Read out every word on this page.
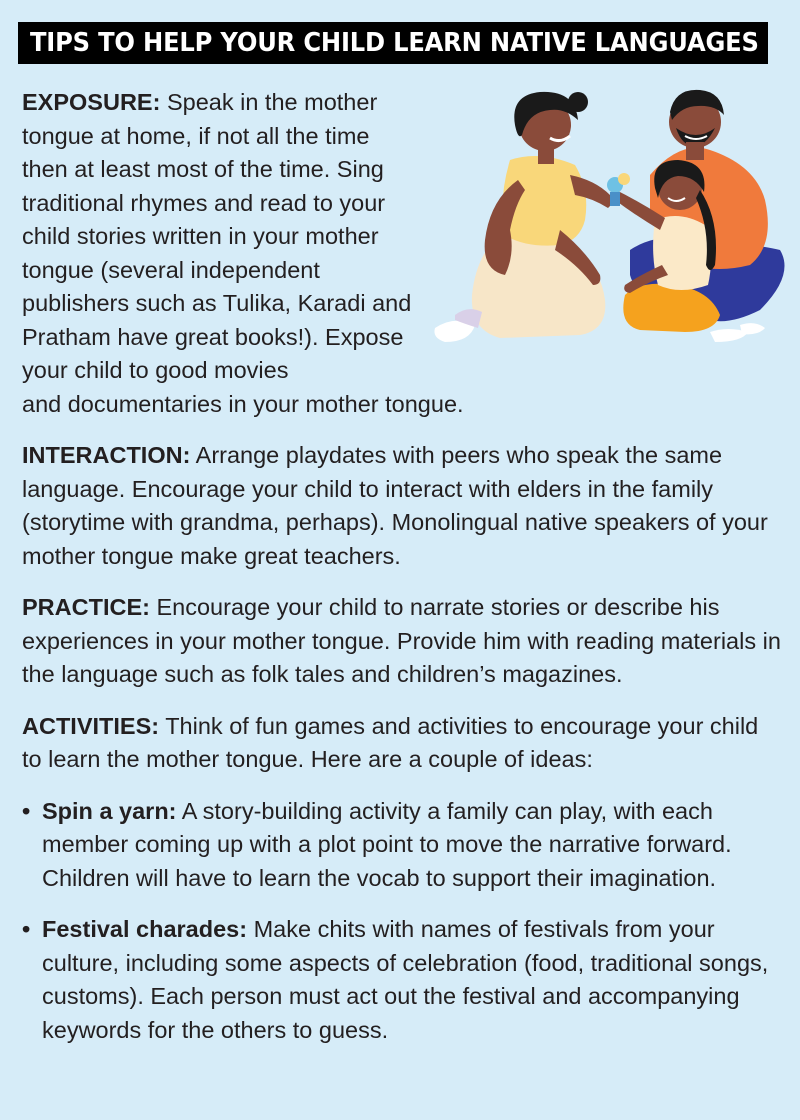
TIPS TO HELP YOUR CHILD LEARN NATIVE LANGUAGES

EXPOSURE: Speak in the mother tongue at home, if not all the time then at least most of the time. Sing traditional rhymes and read to your child stories written in your mother tongue (several independent publishers such as Tulika, Karadi and Pratham have great books!). Expose your child to good movies
and documentaries in your mother tongue.

INTERACTION: Arrange playdates with peers who speak the same language. Encourage your child to interact with elders in the family (storytime with grandma, perhaps). Monolingual native speakers of your mother tongue make great teachers.

PRACTICE: Encourage your child to narrate stories or describe his experiences in your mother tongue. Provide him with reading materials in the language such as folk tales and children’s magazines.

ACTIVITIES: Think of fun games and activities to encourage your child to learn the mother tongue. Here are a couple of ideas:

• Spin a yarn: A story-building activity a family can play, with each member coming up with a plot point to move the narrative forward. Children will have to learn the vocab to support their imagination.
• Festival charades: Make chits with names of festivals from your culture, including some aspects of celebration (food, traditional songs, customs). Each person must act out the festival and accompanying keywords for the others to guess.
